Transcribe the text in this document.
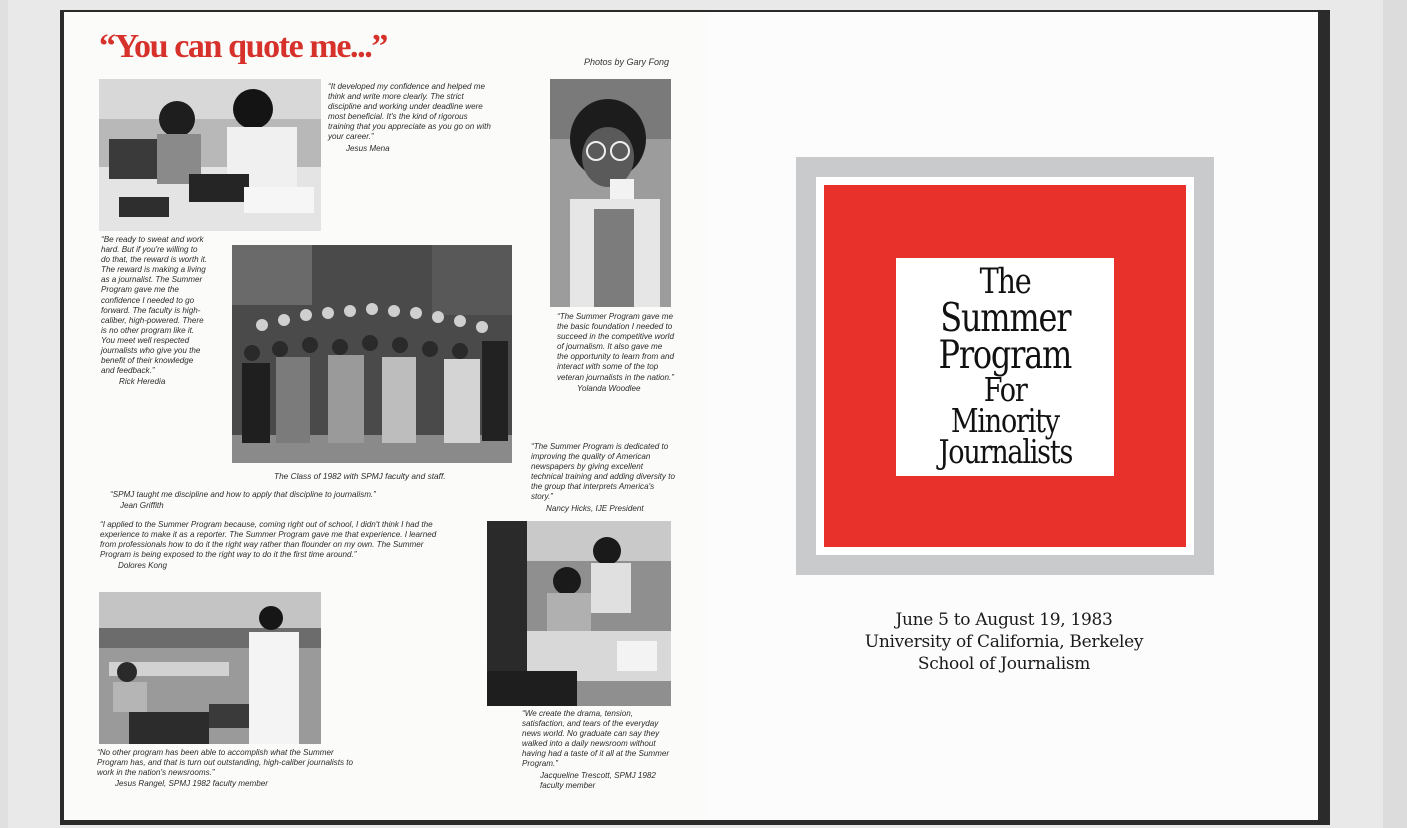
“You can quote me...”	Photos by Gary Fong

“It developed my confidence and helped me think and write more clearly. The strict discipline and working under deadline were most beneficial. It's the kind of rigorous training that you appreciate as you go on with your career.”

Jesus Mena

“Be ready to sweat and work hard. But if you're willing to do that, the reward is worth it. The reward is making a living as a journalist. The Summer Program gave me the confidence I needed to go forward. The faculty is high-caliber, high-powered. There is no other program like it. You meet well respected journalists who give you the benefit of their knowledge and feedback.”

Rick Heredia

“The Summer Program gave me the basic foundation I needed to succeed in the competitive world of journalism. It also gave me the opportunity to learn from and interact with some of the top veteran journalists in the nation.”

Yolanda Woodlee

“The Summer Program is dedicated to improving the quality of American newspapers by giving excellent technical training and adding diversity to the group that interprets America's story.”

Nancy Hicks, IJE President

“SPMJ taught me discipline and how to apply that discipline to journalism.”

Jean Griffith

“I applied to the Summer Program because, coming right out of school, I didn't think I had the experience to make it as a reporter. The Summer Program gave me that experience. I learned from professionals how to do it the right way rather than flounder on my own. The Summer Program is being exposed to the right way to do it the first time around.”

Dolores Kong

“No other program has been able to accomplish what the Summer Program has, and that is turn out outstanding, high-caliber journalists to work in the nation's newsrooms.”

Jesus Rangel, SPMJ 1982 faculty member

“We create the drama, tension, satisfaction, and tears of the everyday news world. No graduate can say they walked into a daily newsroom without having had a taste of it all at the Summer Program.”

Jacqueline Trescott, SPMJ 1982 faculty member
The Class of 1982 with SPMJ faculty and staff.
The
Summer
Program
For
Minority
Journalists
June 5 to August 19, 1983
University of California, Berkeley
School of Journalism
